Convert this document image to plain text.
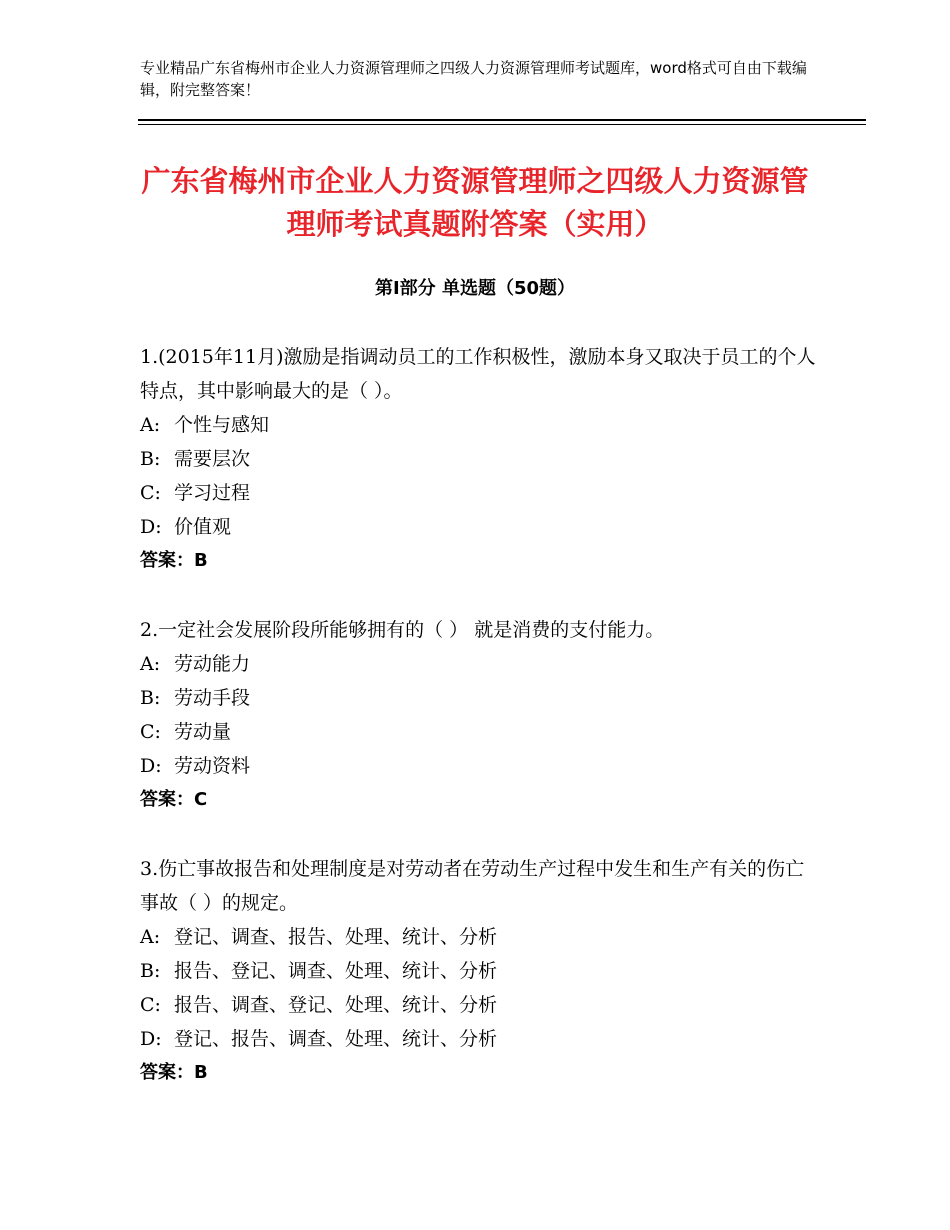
专业精品广东省梅州市企业人力资源管理师之四级人力资源管理师考试题库，word格式可自由下载编辑，附完整答案！
广东省梅州市企业人力资源管理师之四级人力资源管理师考试真题附答案（实用）
第Ⅰ部分 单选题（50题）

1.(2015年11月)激励是指调动员工的工作积极性，激励本身又取决于员工的个人特点，其中影响最大的是（ ）。

A: 个性与感知
B: 需要层次
C: 学习过程
D: 价值观
答案：B

2.一定社会发展阶段所能够拥有的（ ） 就是消费的支付能力。

A: 劳动能力
B: 劳动手段
C: 劳动量
D: 劳动资料
答案：C

3.伤亡事故报告和处理制度是对劳动者在劳动生产过程中发生和生产有关的伤亡事故（ ）的规定。

A: 登记、调查、报告、处理、统计、分析
B: 报告、登记、调查、处理、统计、分析
C: 报告、调查、登记、处理、统计、分析
D: 登记、报告、调查、处理、统计、分析
答案：B
